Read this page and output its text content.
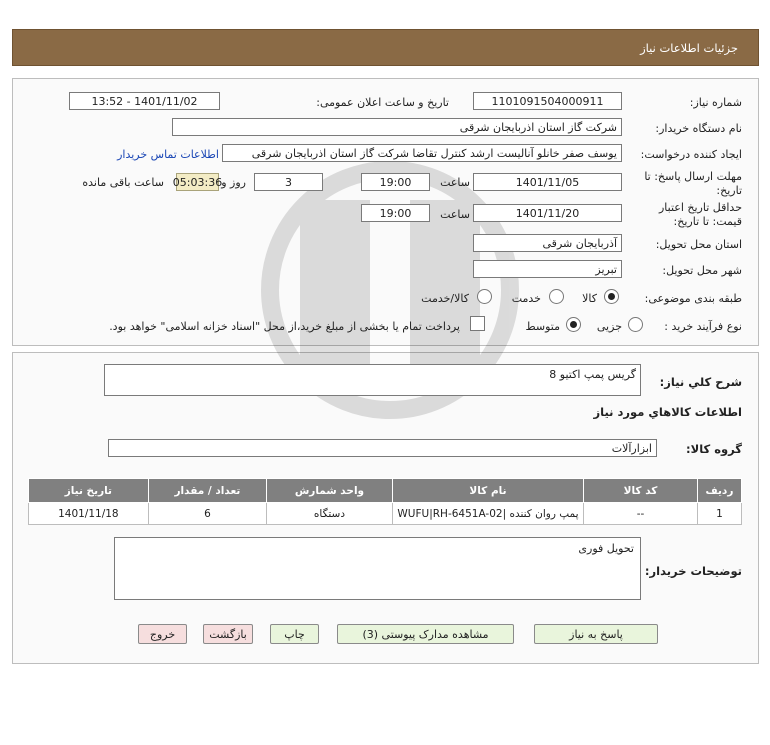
جزئیات اطلاعات نیاز
شماره نیاز:
1101091504000911
تاریخ و ساعت اعلان عمومی:
1401/11/02 - 13:52
نام دستگاه خریدار:
شرکت گاز استان اذربایجان شرقی
ایجاد کننده درخواست:
یوسف صفر خانلو آنالیست ارشد کنترل تقاضا شرکت گاز استان اذربایجان شرقی
اطلاعات تماس خریدار
مهلت ارسال پاسخ: تا
تاریخ:
1401/11/05
ساعت
19:00
3
روز و
05:03:36
ساعت باقی مانده
حداقل تاریخ اعتبار
قیمت: تا تاریخ:
1401/11/20
ساعت
19:00
استان محل تحویل:
آذربایجان شرقی
شهر محل تحویل:
تبریز
طبقه بندی موضوعی:
کالا
خدمت
کالا/خدمت
نوع فرآیند خرید :
جزیی
متوسط
پرداخت تمام یا بخشی از مبلغ خرید،از محل "اسناد خزانه اسلامی" خواهد بود.
شرح کلي نیاز:
گریس پمپ اکتیو 8
اطلاعات کالاهاي مورد نیاز
گروه کالا:
ابزارآلات
ردیف	کد کالا	نام کالا	واحد شمارش	تعداد / مقدار	تاریخ نیاز
1	--	پمپ روان کننده |WUFU|RH-6451A-02	دستگاه	6	1401/11/18
توضیحات خریدار:
تحویل فوری
پاسخ به نیاز
مشاهده مدارک پیوستی (3)
چاپ
بازگشت
خروج
